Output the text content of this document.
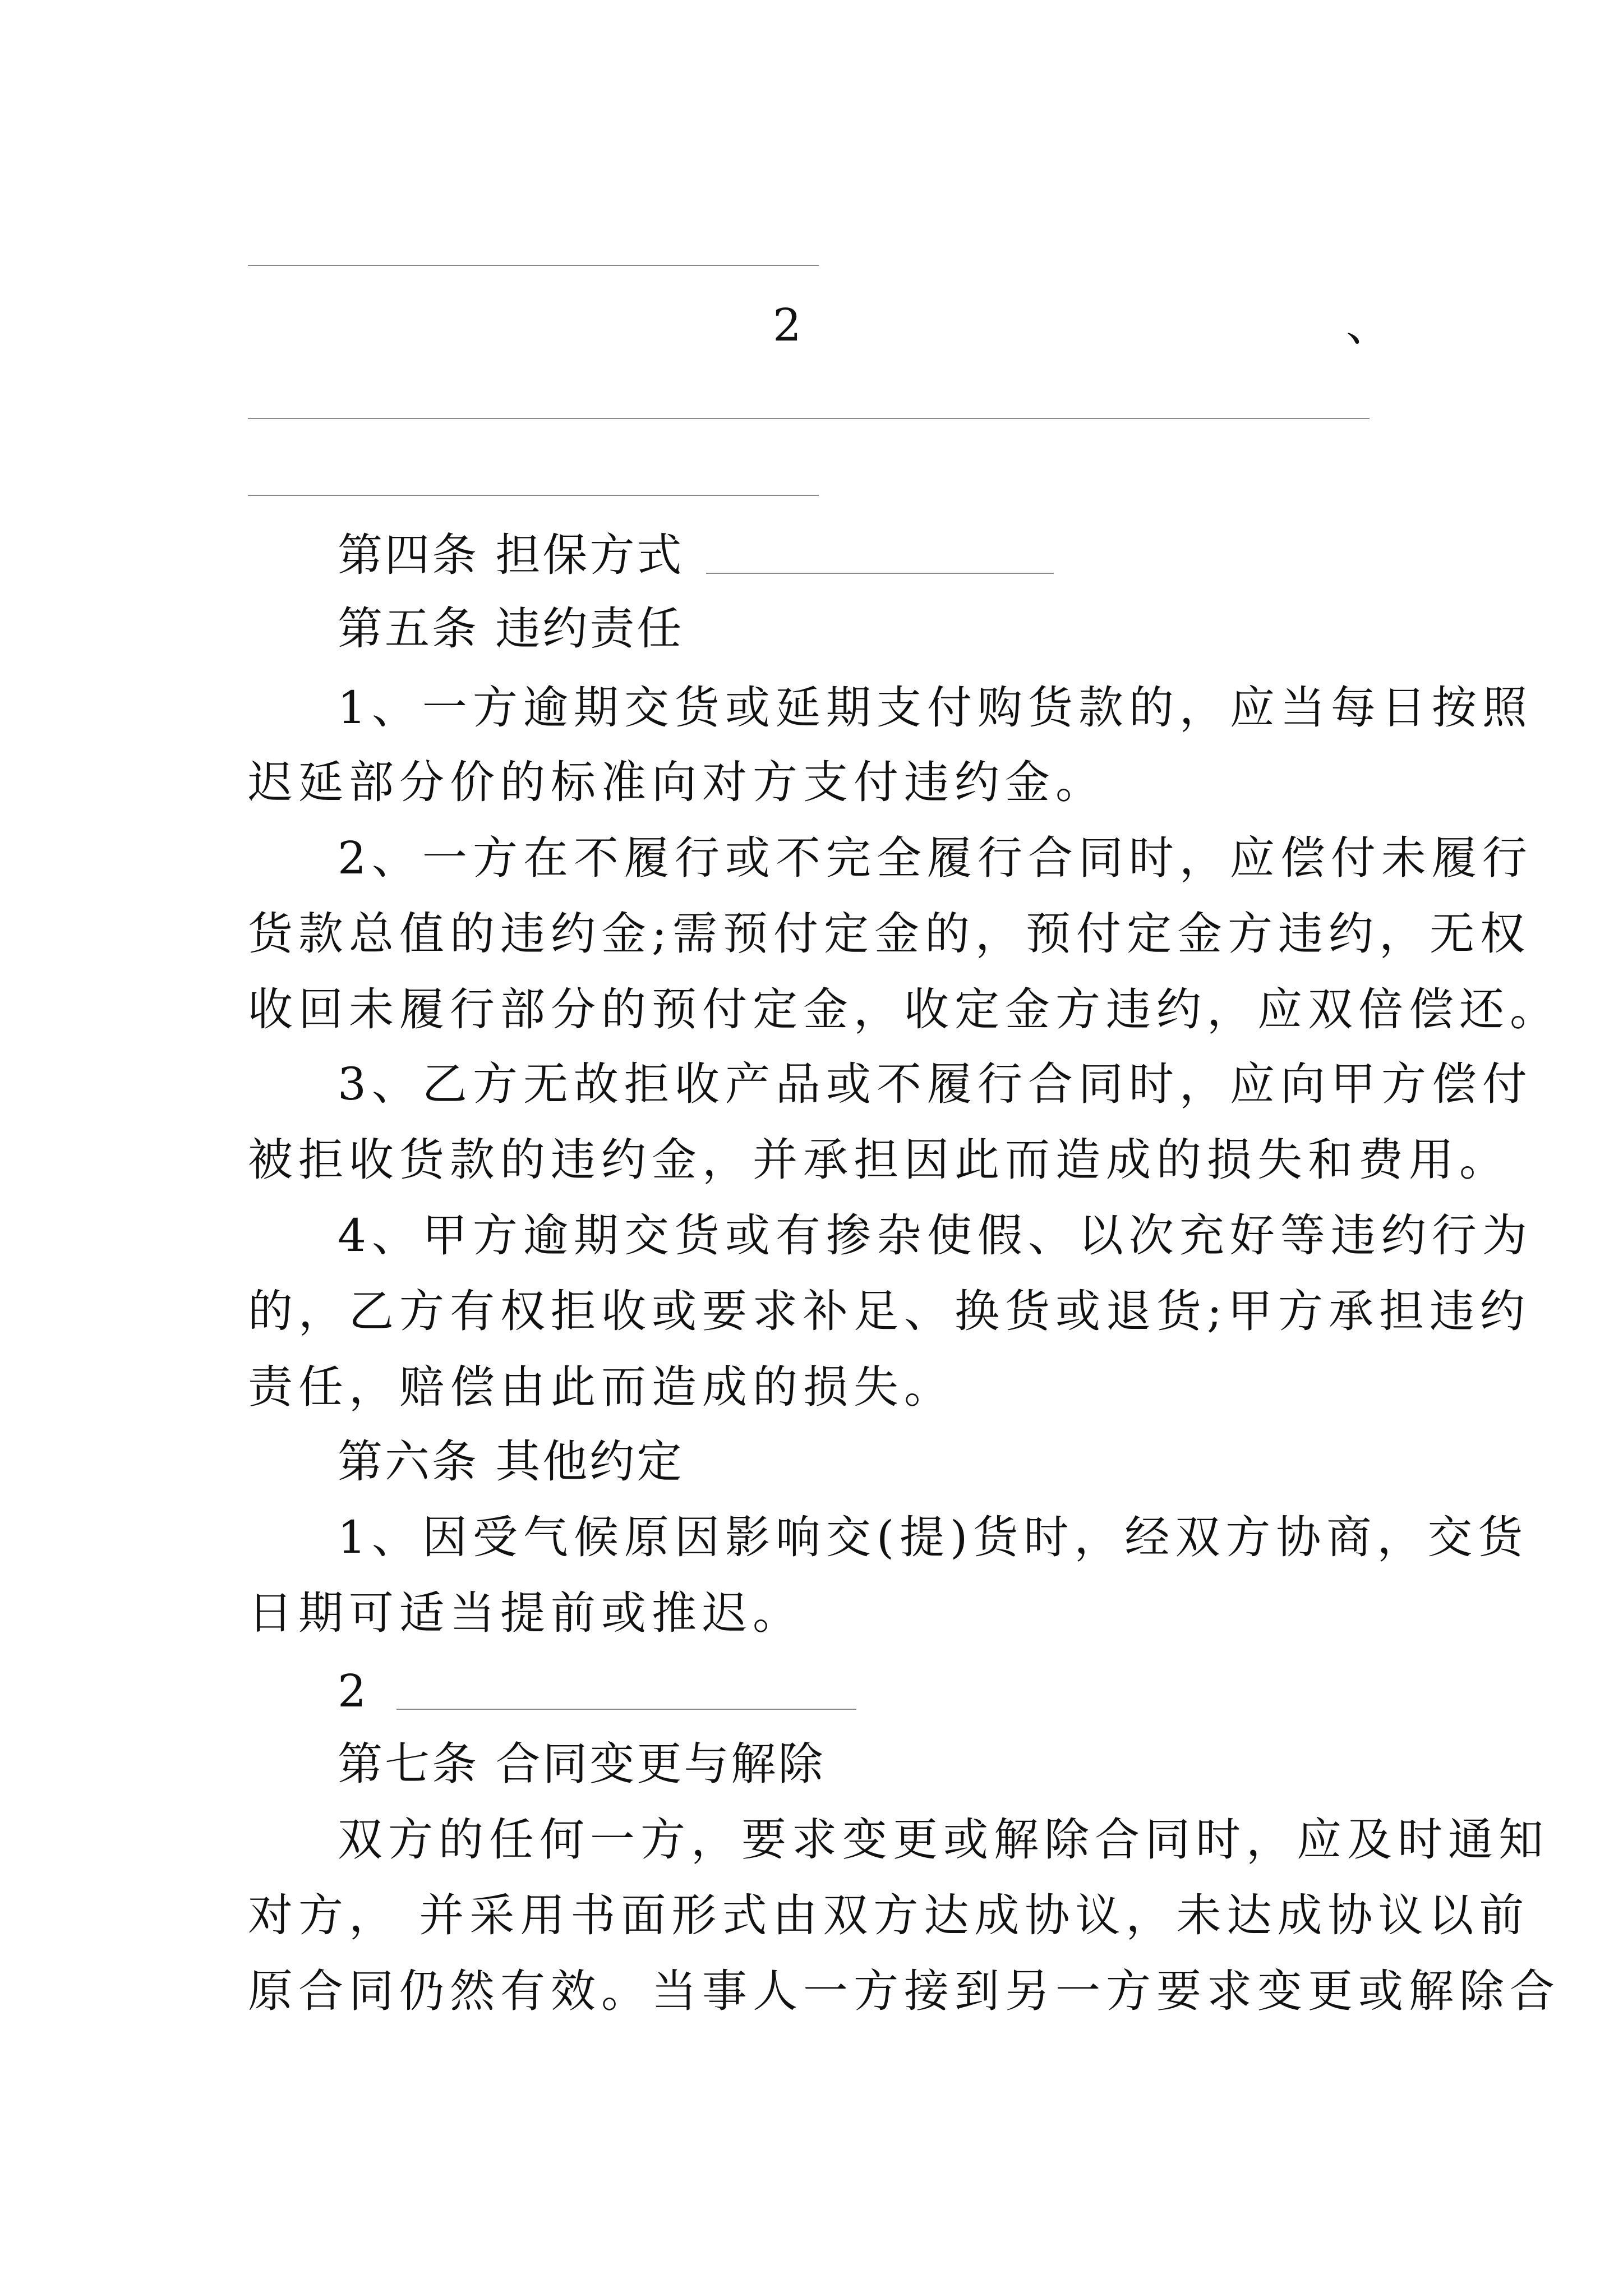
2	、
第四条 担保方式
第五条 违约责任
1、一方逾期交货或延期支付购货款的，应当每日按照
迟延部分价的标准向对方支付违约金。
2、一方在不履行或不完全履行合同时，应偿付未履行
货款总值的违约金;需预付定金的，预付定金方违约，无权
收回未履行部分的预付定金，收定金方违约，应双倍偿还。
3、乙方无故拒收产品或不履行合同时，应向甲方偿付
被拒收货款的违约金，并承担因此而造成的损失和费用。
4、甲方逾期交货或有掺杂使假、以次充好等违约行为
的，乙方有权拒收或要求补足、换货或退货;甲方承担违约
责任，赔偿由此而造成的损失。
第六条 其他约定
1、因受气候原因影响交(提)货时，经双方协商，交货
日期可适当提前或推迟。
2
第七条 合同变更与解除
双方的任何一方，要求变更或解除合同时，应及时通知
对方， 并采用书面形式由双方达成协议，未达成协议以前
原合同仍然有效。当事人一方接到另一方要求变更或解除合
